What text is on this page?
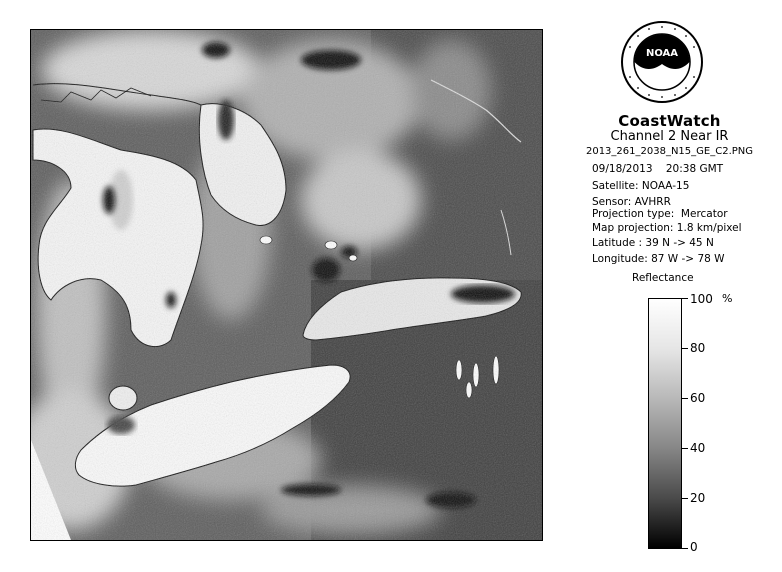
NOAA
CoastWatch
Channel 2 Near IR
2013_261_2038_N15_GE_C2.PNG
09/18/2013    20:38 GMT
Satellite: NOAA-15
Sensor: AVHRR
Projection type:  Mercator
Map projection: 1.8 km/pixel
Latitude : 39 N -> 45 N
Longitude: 87 W -> 78 W
Reflectance
%
100
80
60
40
20
0
